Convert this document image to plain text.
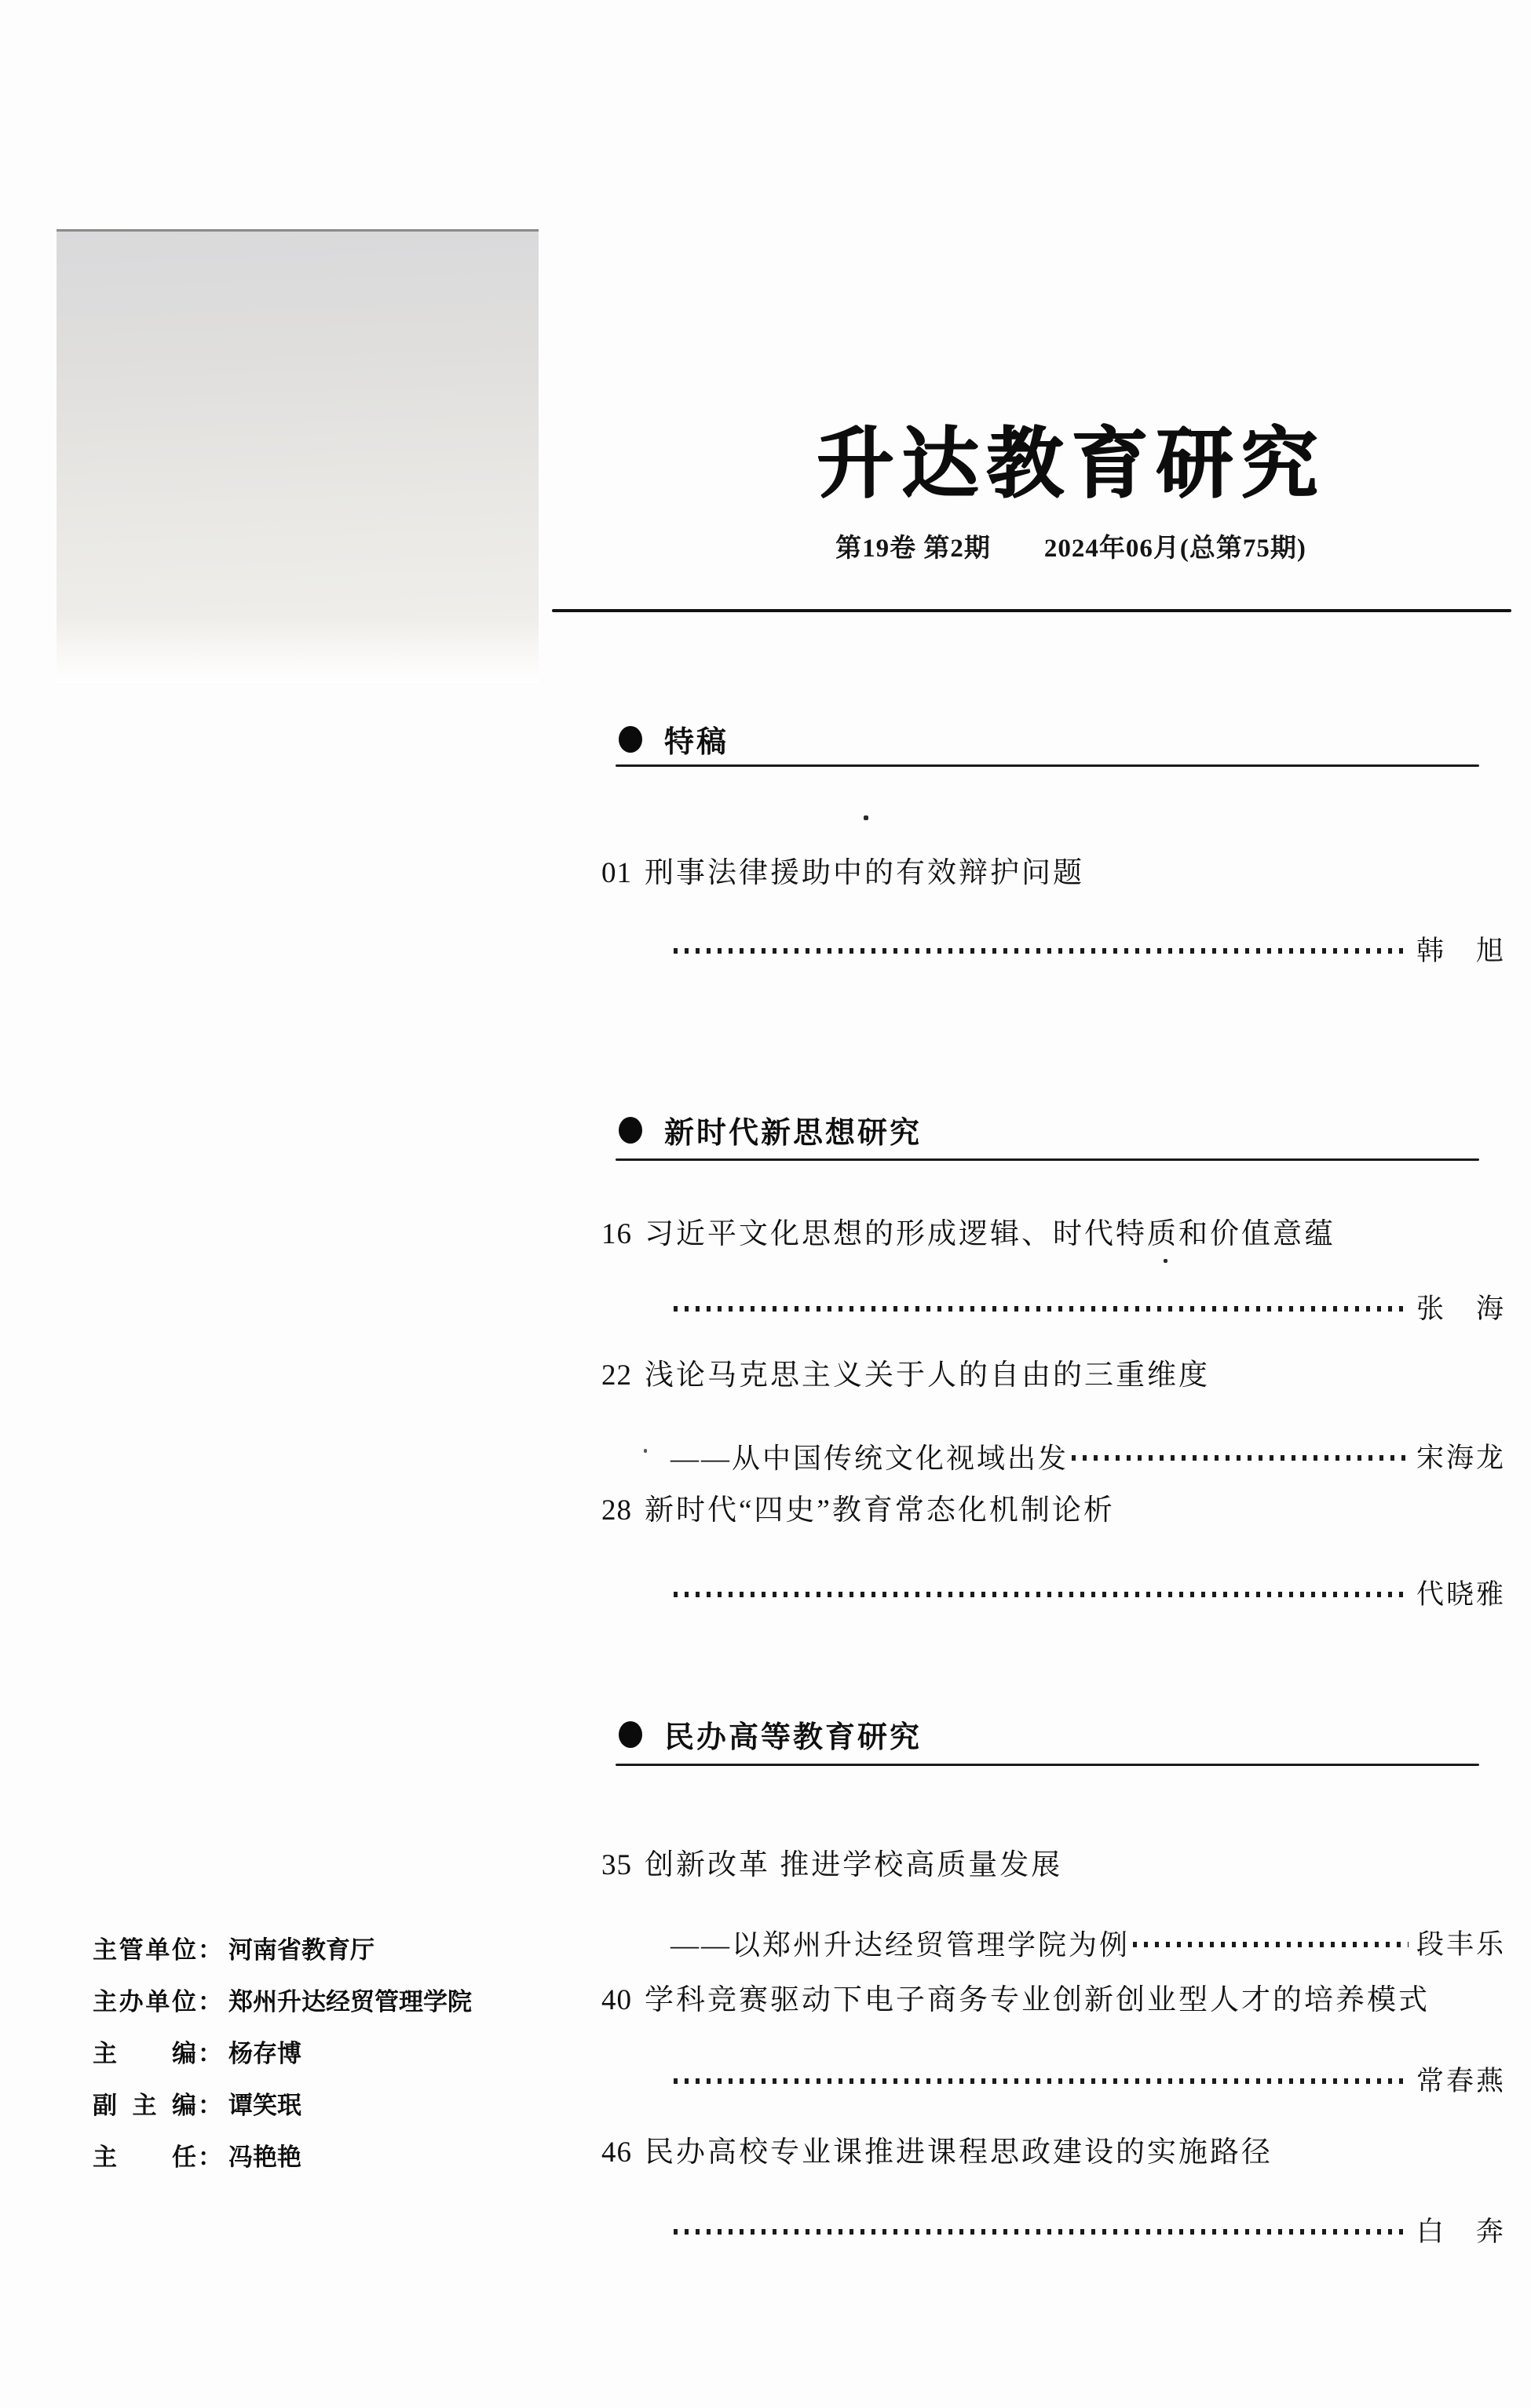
升达教育研究
第19卷 第2期　　2024年06月(总第75期)
特稿
01 刑事法律援助中的有效辩护问题
韩　旭
新时代新思想研究
16 习近平文化思想的形成逻辑、时代特质和价值意蕴
张　海
22 浅论马克思主义关于人的自由的三重维度
——从中国传统文化视域出发	宋海龙
28 新时代“四史”教育常态化机制论析
代晓雅
民办高等教育研究
35 创新改革 推进学校高质量发展
——以郑州升达经贸管理学院为例	段丰乐
40 学科竞赛驱动下电子商务专业创新创业型人才的培养模式
常春燕
46 民办高校专业课推进课程思政建设的实施路径
白　奔
主管单位 ： 河南省教育厅
主办单位 ： 郑州升达经贸管理学院
主编 ： 杨存博
副主编 ： 谭笑珉
主任 ： 冯艳艳
